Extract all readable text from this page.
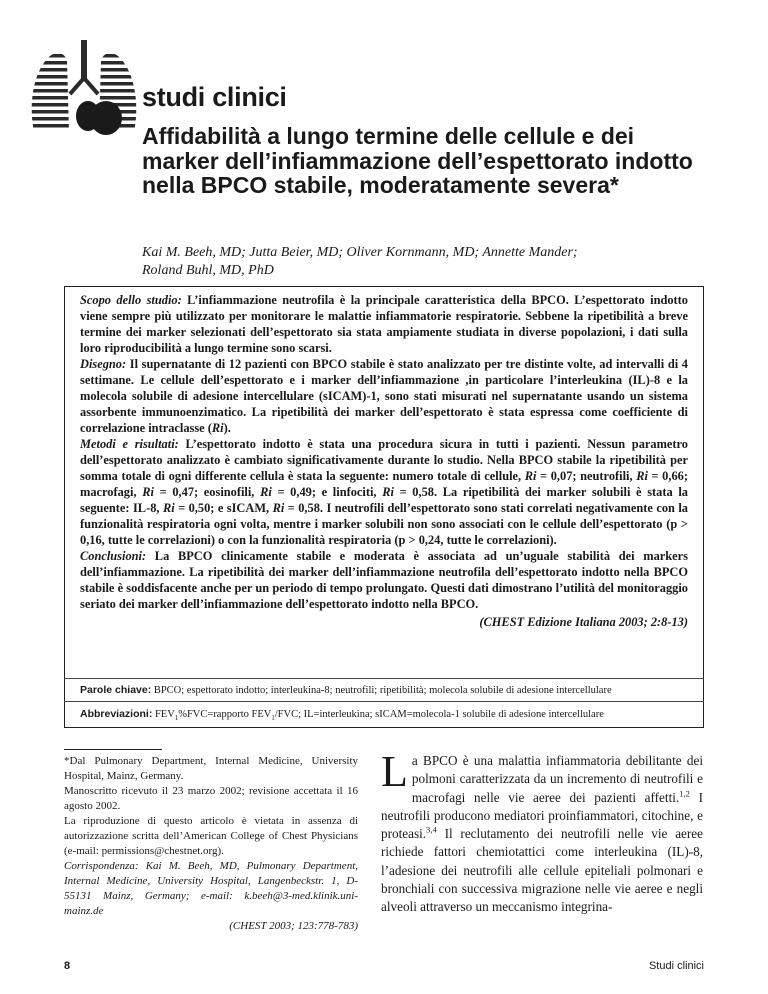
studi clinici
Affidabilità a lungo termine delle cellule e dei marker dell’infiammazione dell’espettorato indotto nella BPCO stabile, moderatamente severa*
Kai M. Beeh, MD; Jutta Beier, MD; Oliver Kornmann, MD; Annette Mander;
Roland Buhl, MD, PhD

Scopo dello studio: L’infiammazione neutrofila è la principale caratteristica della BPCO. L’espettorato indotto viene sempre più utilizzato per monitorare le malattie infiammatorie respiratorie. Sebbene la ripetibilità a breve termine dei marker selezionati dell’espettorato sia stata ampiamente studiata in diverse popolazioni, i dati sulla loro riproducibilità a lungo termine sono scarsi.

Disegno: Il supernatante di 12 pazienti con BPCO stabile è stato analizzato per tre distinte volte, ad intervalli di 4 settimane. Le cellule dell’espettorato e i marker dell’infiammazione ,in particolare l’interleukina (IL)-8 e la molecola solubile di adesione intercellulare (sICAM)-1, sono stati misurati nel supernatante usando un sistema assorbente immunoenzimatico. La ripetibilità dei marker dell’espettorato è stata espressa come coefficiente di correlazione intraclasse (Ri).

Metodi e risultati: L’espettorato indotto è stata una procedura sicura in tutti i pazienti. Nessun parametro dell’espettorato analizzato è cambiato significativamente durante lo studio. Nella BPCO stabile la ripetibilità per somma totale di ogni differente cellula è stata la seguente: numero totale di cellule, Ri = 0,07; neutrofili, Ri = 0,66; macrofagi, Ri = 0,47; eosinofili, Ri = 0,49; e linfociti, Ri = 0,58. La ripetibilità dei marker solubili è stata la seguente: IL-8, Ri = 0,50; e sICAM, Ri = 0,58. I neutrofili dell’espettorato sono stati correlati negativamente con la funzionalità respiratoria ogni volta, mentre i marker solubili non sono associati con le cellule dell’espettorato (p > 0,16, tutte le correlazioni) o con la funzionalità respiratoria (p > 0,24, tutte le correlazioni).

Conclusioni: La BPCO clinicamente stabile e moderata è associata ad un’uguale stabilità dei markers dell’infiammazione. La ripetibilità dei marker dell’infiammazione neutrofila dell’espettorato indotto nella BPCO stabile è soddisfacente anche per un periodo di tempo prolungato. Questi dati dimostrano l’utilità del monitoraggio seriato dei marker dell’infiammazione dell’espettorato indotto nella BPCO.

(CHEST Edizione Italiana 2003; 2:8-13)

Parole chiave: BPCO; espettorato indotto; interleukina-8; neutrofili; ripetibilità; molecola solubile di adesione intercellulare
Abbreviazioni: $FEV_1\%FVC=rapporto$ $FEV_1$/FVC; IL=interleukina; sICAM=molecola-1 solubile di adesione intercellulare

*Dal Pulmonary Department, Internal Medicine, University Hospital, Mainz, Germany.

Manoscritto ricevuto il 23 marzo 2002; revisione accettata il 16 agosto 2002.

La riproduzione di questo articolo è vietata in assenza di autorizzazione scritta dell’American College of Chest Physicians (e-mail: permissions@chestnet.org).

Corrispondenza: Kai M. Beeh, MD, Pulmonary Department, Internal Medicine, University Hospital, Langenbeckstr. 1, D-55131 Mainz, Germany; e-mail: k.beeh@3-med.klinik.uni-mainz.de

(CHEST 2003; 123:778-783)

La BPCO è una malattia infiammatoria debilitante dei polmoni caratterizzata da un incremento di neutrofili e macrofagi nelle vie aeree dei pazienti affetti.$^{1,2}$ I neutrofili producono mediatori proinfiammatori, citochine, e proteasi.$^{3,4}$ Il reclutamento dei neutrofili nelle vie aeree richiede fattori chemiotattici come interleukina (IL)-8, l’adesione dei neutrofili alle cellule epiteliali polmonari e bronchiali con successiva migrazione nelle vie aeree e negli alveoli attraverso un meccanismo integrina-
8	Studi clinici
